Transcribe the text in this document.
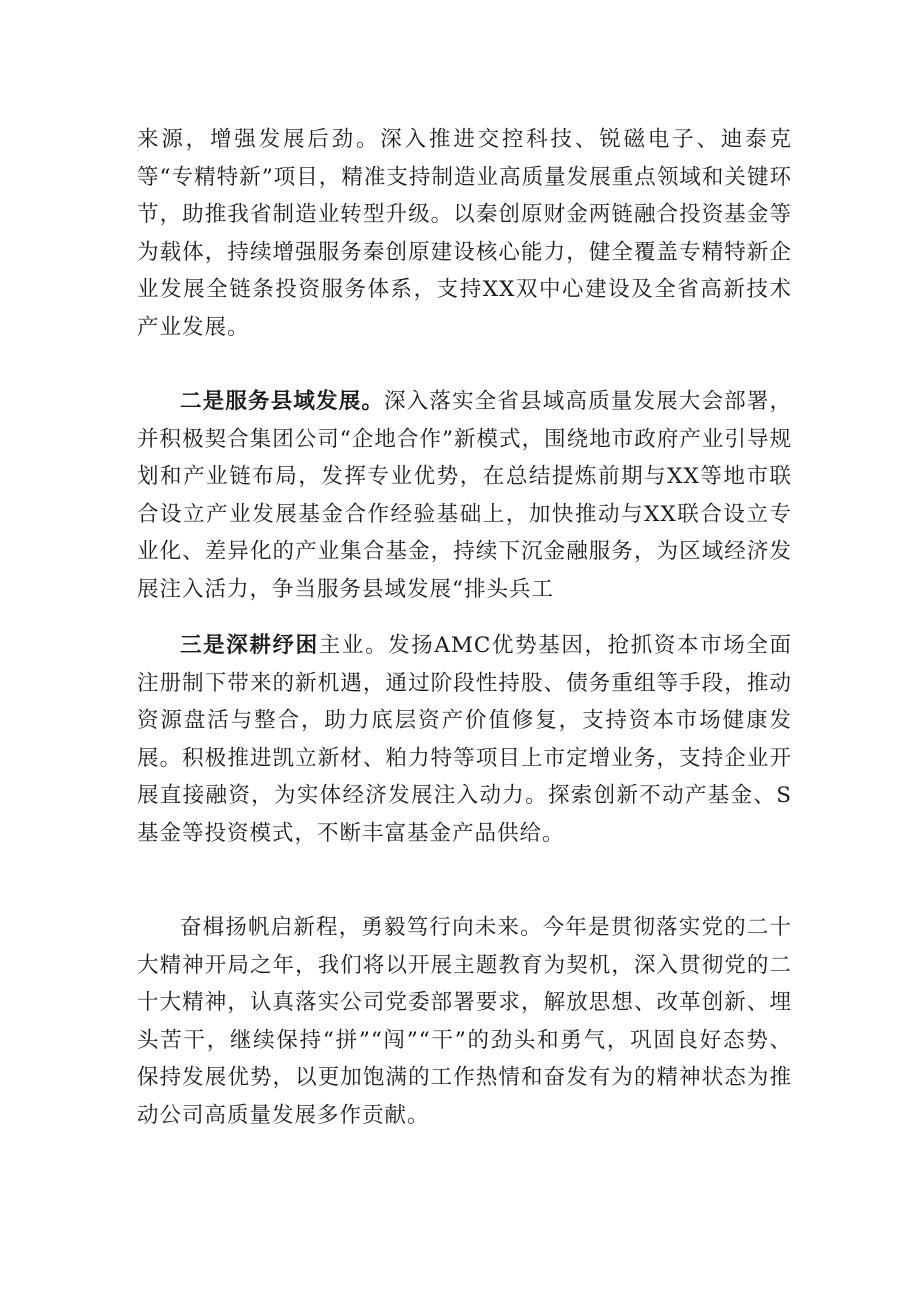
来源，增强发展后劲。深入推进交控科技、锐磁电子、迪泰克等“专精特新”项目，精准支持制造业高质量发展重点领域和关键环节，助推我省制造业转型升级。以秦创原财金两链融合投资基金等为载体，持续增强服务秦创原建设核心能力，健全覆盖专精特新企业发展全链条投资服务体系，支持XX双中心建设及全省高新技术产业发展。

二是服务县域发展。深入落实全省县域高质量发展大会部署，并积极契合集团公司“企地合作”新模式，围绕地市政府产业引导规划和产业链布局，发挥专业优势，在总结提炼前期与XX等地市联合设立产业发展基金合作经验基础上，加快推动与XX联合设立专业化、差异化的产业集合基金，持续下沉金融服务，为区域经济发展注入活力，争当服务县域发展“排头兵工

三是深耕纾困主业。发扬AMC优势基因，抢抓资本市场全面注册制下带来的新机遇，通过阶段性持股、债务重组等手段，推动资源盘活与整合，助力底层资产价值修复，支持资本市场健康发展。积极推进凯立新材、粕力特等项目上市定增业务，支持企业开展直接融资，为实体经济发展注入动力。探索创新不动产基金、S基金等投资模式，不断丰富基金产品供给。

奋楫扬帆启新程，勇毅笃行向未来。今年是贯彻落实党的二十大精神开局之年，我们将以开展主题教育为契机，深入贯彻党的二十大精神，认真落实公司党委部署要求，解放思想、改革创新、埋头苦干，继续保持“拼”“闯”“干”的劲头和勇气，巩固良好态势、保持发展优势，以更加饱满的工作热情和奋发有为的精神状态为推动公司高质量发展多作贡献。
